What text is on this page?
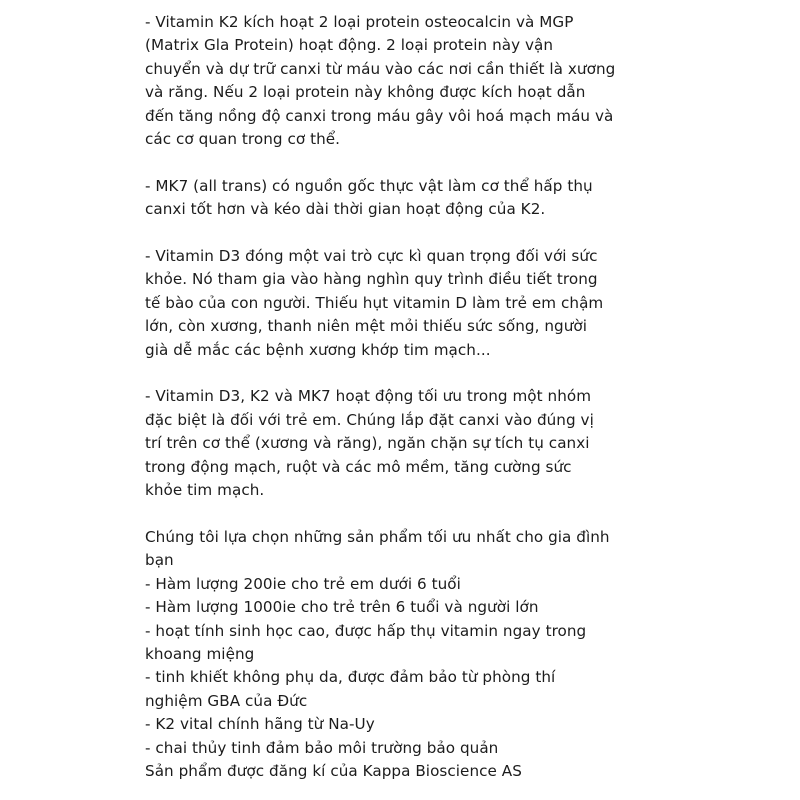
- Vitamin K2 kích hoạt 2 loại protein osteocalcin và MGP
(Matrix Gla Protein) hoạt động. 2 loại protein này vận
chuyển và dự trữ canxi từ máu vào các nơi cần thiết là xương
và răng. Nếu 2 loại protein này không được kích hoạt dẫn
đến tăng nồng độ canxi trong máu gây vôi hoá mạch máu và
các cơ quan trong cơ thể.
- MK7 (all trans) có nguồn gốc thực vật làm cơ thể hấp thụ
canxi tốt hơn và kéo dài thời gian hoạt động của K2.
- Vitamin D3 đóng một vai trò cực kì quan trọng đối với sức
khỏe. Nó tham gia vào hàng nghìn quy trình điều tiết trong
tế bào của con người. Thiếu hụt vitamin D làm trẻ em chậm
lớn, còn xương, thanh niên mệt mỏi thiếu sức sống, người
già dễ mắc các bệnh xương khớp tim mạch...
- Vitamin D3, K2 và MK7 hoạt động tối ưu trong một nhóm
đặc biệt là đối với trẻ em. Chúng lắp đặt canxi vào đúng vị
trí trên cơ thể (xương và răng), ngăn chặn sự tích tụ canxi
trong động mạch, ruột và các mô mềm, tăng cường sức
khỏe tim mạch.
Chúng tôi lựa chọn những sản phẩm tối ưu nhất cho gia đình
bạn
- Hàm lượng 200ie cho trẻ em dưới 6 tuổi
- Hàm lượng 1000ie cho trẻ trên 6 tuổi và người lớn
- hoạt tính sinh học cao, được hấp thụ vitamin ngay trong
khoang miệng
- tinh khiết không phụ da, được đảm bảo từ phòng thí
nghiệm GBA của Đức
- K2 vital chính hãng từ Na-Uy
- chai thủy tinh đảm bảo môi trường bảo quản
Sản phẩm được đăng kí của Kappa Bioscience AS
